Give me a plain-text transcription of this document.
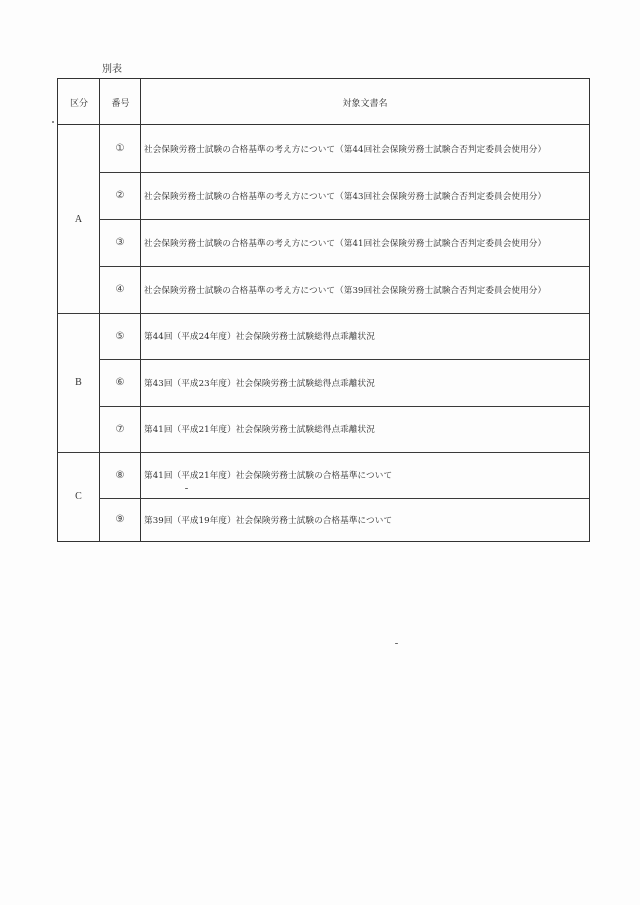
別表
区分	番号	対象文書名
A
①	社会保険労務士試験の合格基準の考え方について（第44回社会保険労務士試験合否判定委員会使用分）
②	社会保険労務士試験の合格基準の考え方について（第43回社会保険労務士試験合否判定委員会使用分）
③	社会保険労務士試験の合格基準の考え方について（第41回社会保険労務士試験合否判定委員会使用分）
④	社会保険労務士試験の合格基準の考え方について（第39回社会保険労務士試験合否判定委員会使用分）
B
⑤	第44回（平成24年度）社会保険労務士試験総得点乖離状況
⑥	第43回（平成23年度）社会保険労務士試験総得点乖離状況
⑦	第41回（平成21年度）社会保険労務士試験総得点乖離状況
C
⑧	第41回（平成21年度）社会保険労務士試験の合格基準について
⑨	第39回（平成19年度）社会保険労務士試験の合格基準について
